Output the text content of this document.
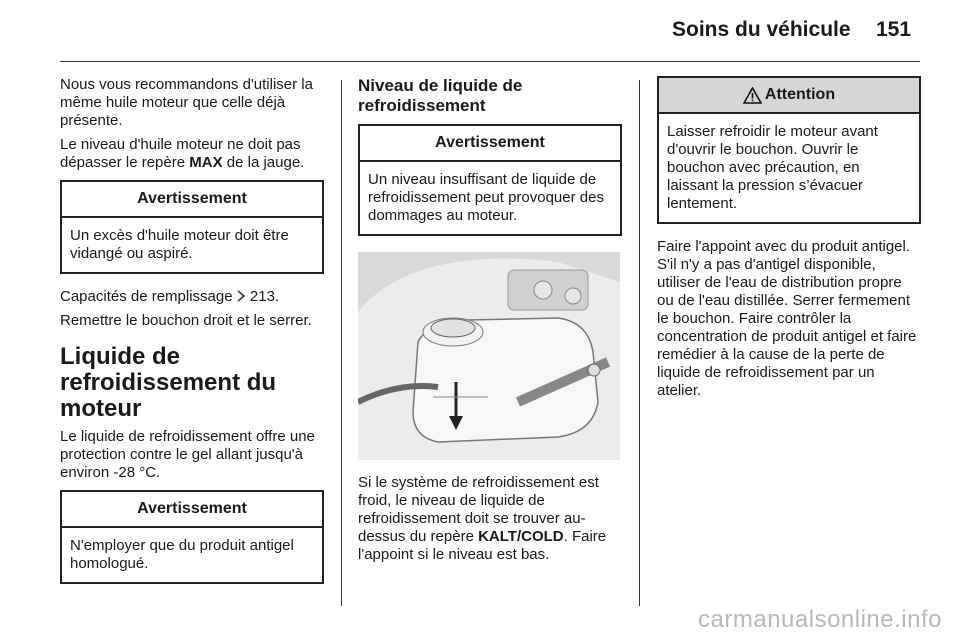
Soins du véhicule 151

Nous vous recommandons d'utiliser la même huile moteur que celle déjà présente.

Le niveau d'huile moteur ne doit pas dépasser le repère MAX de la jauge.

Avertissement
Un excès d'huile moteur doit être vidangé ou aspiré.

Capacités de remplissage  213.

Remettre le bouchon droit et le serrer.

Liquide de refroidissement du moteur

Le liquide de refroidissement offre une protection contre le gel allant jusqu'à environ -28 °C.

Avertissement
N'employer que du produit antigel homologué.
Niveau de liquide de refroidissement
Avertissement
Un niveau insuffisant de liquide de refroidissement peut provoquer des dommages au moteur.

Si le système de refroidissement est froid, le niveau de liquide de refroidissement doit se trouver au-dessus du repère KALT/COLD. Faire l'appoint si le niveau est bas.

Attention
Laisser refroidir le moteur avant d'ouvrir le bouchon. Ouvrir le bouchon avec précaution, en laissant la pression s’évacuer lentement.

Faire l'appoint avec du produit antigel. S'il n'y a pas d'antigel disponible, utiliser de l'eau de distribution propre ou de l'eau distillée. Serrer fermement le bouchon. Faire contrôler la concentration de produit antigel et faire remédier à la cause de la perte de liquide de refroidissement par un atelier.

carmanualsonline.info
